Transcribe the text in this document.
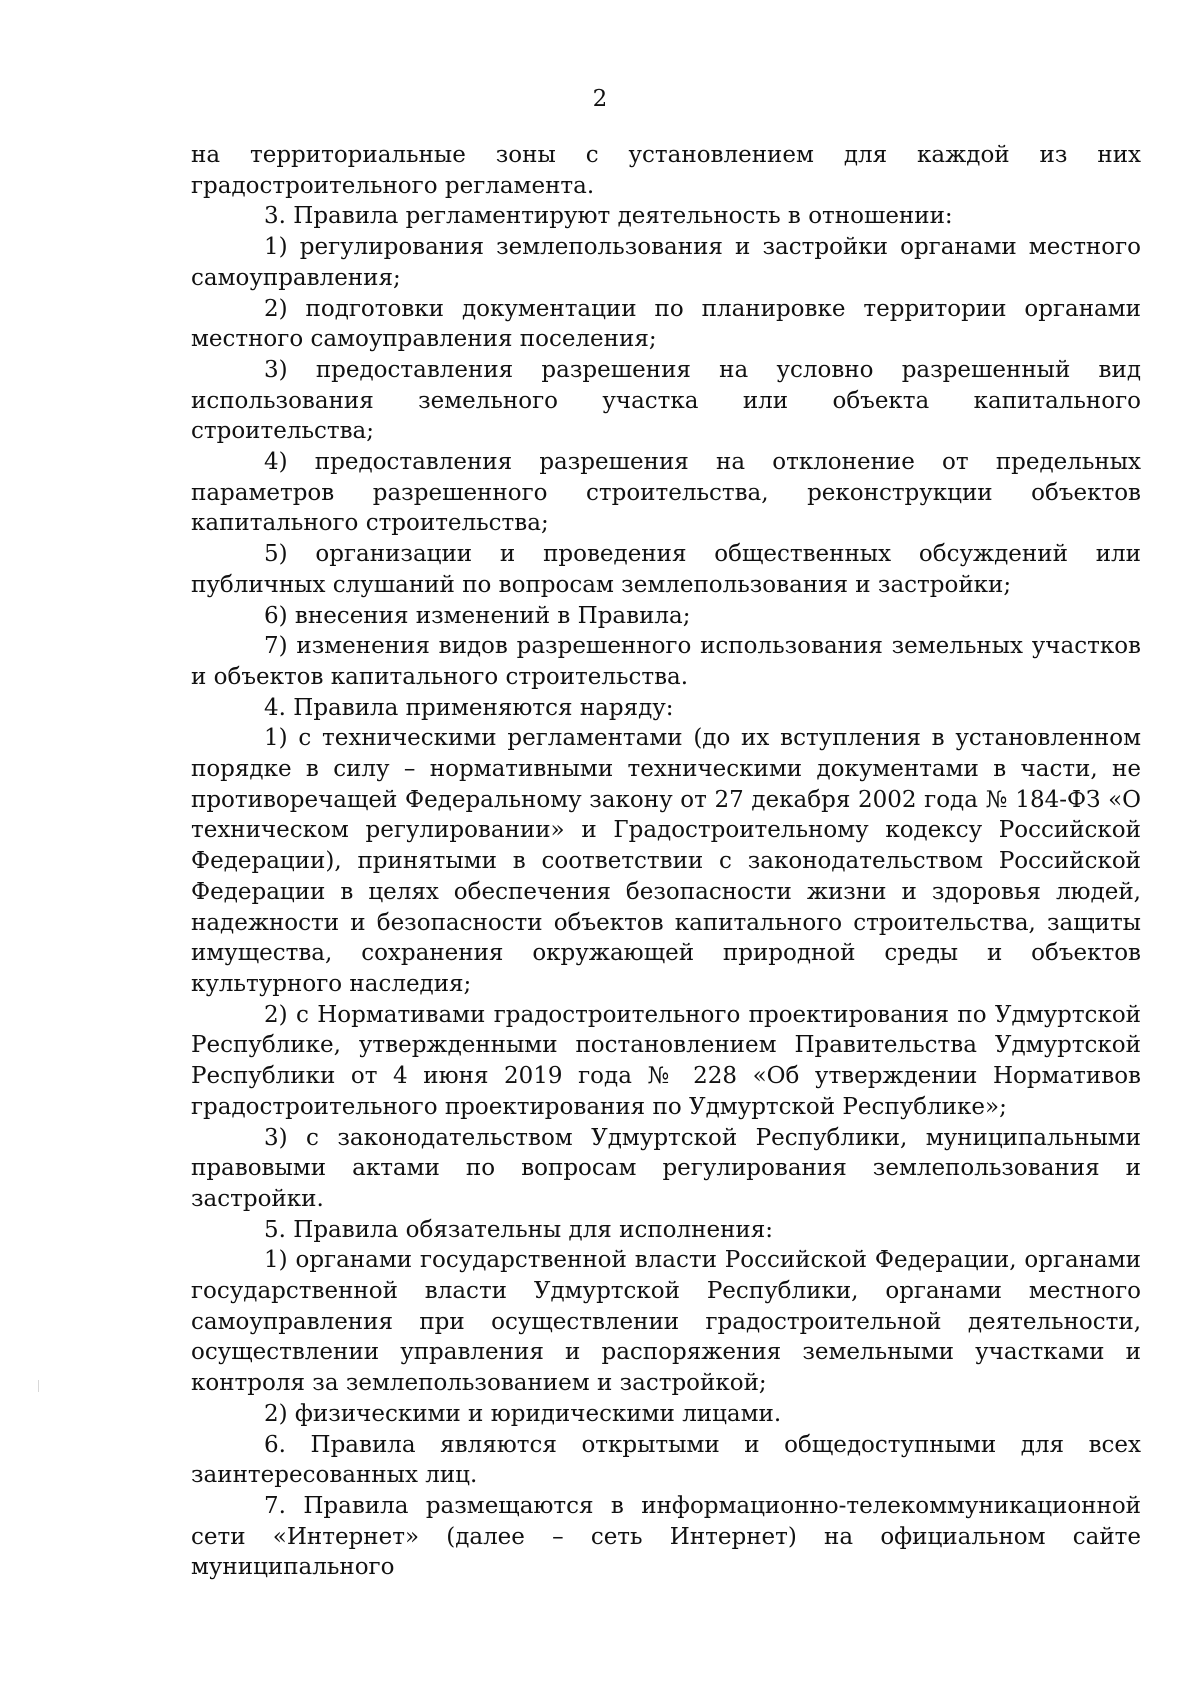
2

на территориальные зоны с установлением для каждой из них градостроительного регламента.

3. Правила регламентируют деятельность в отношении:

1) регулирования землепользования и застройки органами местного самоуправления;

2) подготовки документации по планировке территории органами местного самоуправления поселения;

3) предоставления разрешения на условно разрешенный вид использования земельного участка или объекта капитального строительства;

4) предоставления разрешения на отклонение от предельных параметров разрешенного строительства, реконструкции объектов капитального строительства;

5) организации и проведения общественных обсуждений или публичных слушаний по вопросам землепользования и застройки;

6) внесения изменений в Правила;

7) изменения видов разрешенного использования земельных участков и объектов капитального строительства.

4. Правила применяются наряду:

1) с техническими регламентами (до их вступления в установленном порядке в силу – нормативными техническими документами в части, не противоречащей Федеральному закону от 27 декабря 2002 года № 184-ФЗ «О техническом регулировании» и Градостроительному кодексу Российской Федерации), принятыми в соответствии с законодательством Российской Федерации в целях обеспечения безопасности жизни и здоровья людей, надежности и безопасности объектов капитального строительства, защиты имущества, сохранения окружающей природной среды и объектов культурного наследия;

2) с Нормативами градостроительного проектирования по Удмуртской Республике, утвержденными постановлением Правительства Удмуртской Республики от 4 июня 2019 года № 228 «Об утверждении Нормативов градостроительного проектирования по Удмуртской Республике»;

3) с законодательством Удмуртской Республики, муниципальными правовыми актами по вопросам регулирования землепользования и застройки.

5. Правила обязательны для исполнения:

1) органами государственной власти Российской Федерации, органами государственной власти Удмуртской Республики, органами местного самоуправления при осуществлении градостроительной деятельности, осуществлении управления и распоряжения земельными участками и контроля за землепользованием и застройкой;

2) физическими и юридическими лицами.

6. Правила являются открытыми и общедоступными для всех заинтересованных лиц.

7. Правила размещаются в информационно-телекоммуникационной сети «Интернет» (далее – сеть Интернет) на официальном сайте муниципального
